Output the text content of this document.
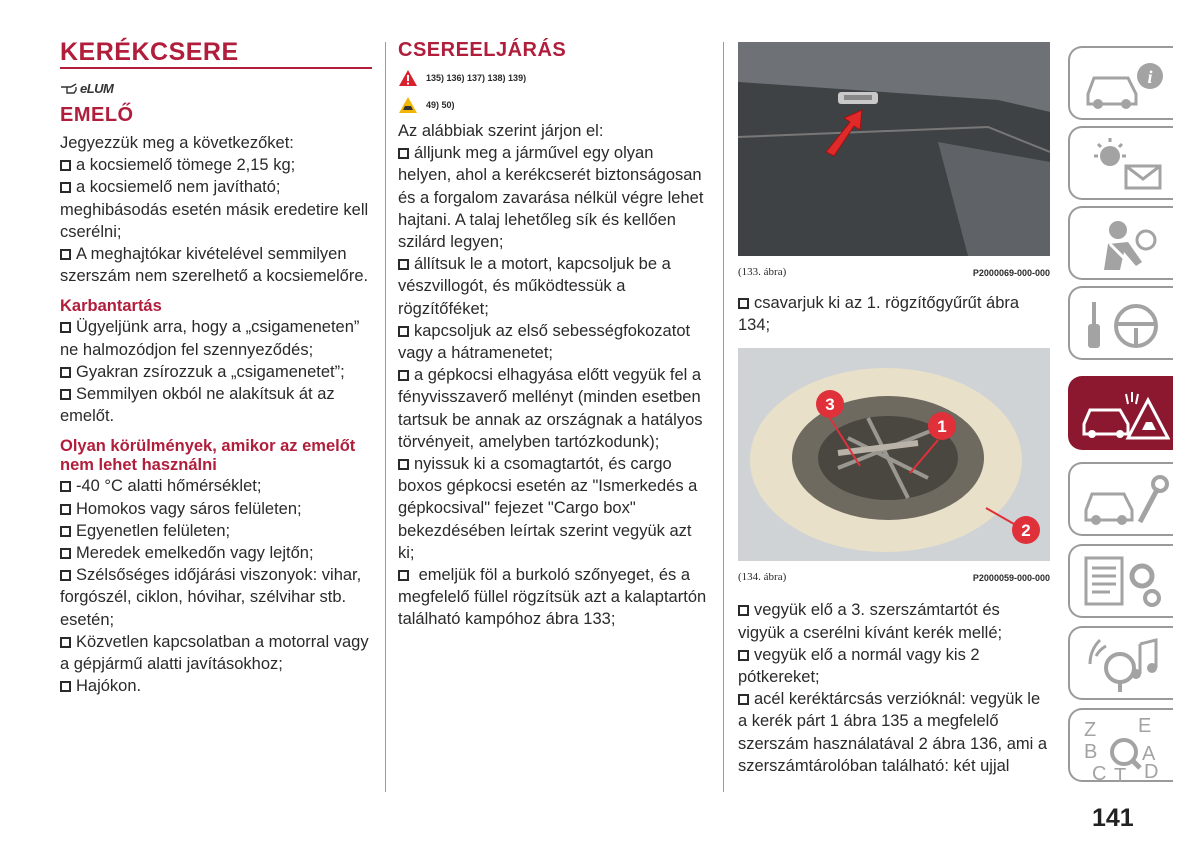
KERÉKCSERE
eLUM
EMELŐ

Jegyezzük meg a következőket:

a kocsiemelő tömege 2,15 kg;

a kocsiemelő nem javítható; meghibásodás esetén másik eredetire kell cserélni;

A meghajtókar kivételével semmilyen szerszám nem szerelhető a kocsiemelőre.

Karbantartás

Ügyeljünk arra, hogy a „csigameneten” ne halmozódjon fel szennyeződés;

Gyakran zsírozzuk a „csigamenetet”;

Semmilyen okból ne alakítsuk át az emelőt.

Olyan körülmények, amikor az emelőt nem lehet használni

-40 °C alatti hőmérséklet;

Homokos vagy sáros felületen;

Egyenetlen felületen;

Meredek emelkedőn vagy lejtőn;

Szélsőséges időjárási viszonyok: vihar, forgószél, ciklon, hóvihar, szélvihar stb. esetén;

Közvetlen kapcsolatban a motorral vagy a gépjármű alatti javításokhoz;

Hajókon.

CSEREELJÁRÁS
135) 136) 137) 138) 139)
49) 50)

Az alábbiak szerint járjon el:

álljunk meg a járművel egy olyan helyen, ahol a kerékcserét biztonságosan és a forgalom zavarása nélkül végre lehet hajtani. A talaj lehetőleg sík és kellően szilárd legyen;

állítsuk le a motort, kapcsoljuk be a vészvillogót, és működtessük a rögzítőféket;

kapcsoljuk az első sebességfokozatot vagy a hátramenetet;

a gépkocsi elhagyása előtt vegyük fel a fényvisszaverő mellényt (minden esetben tartsuk be annak az országnak a hatályos törvényeit, amelyben tartózkodunk);

nyissuk ki a csomagtartót, és cargo boxos gépkocsi esetén az "Ismerkedés a gépkocsival" fejezet "Cargo box" bekezdésében leírtak szerint vegyük azt ki;

emeljük föl a burkoló szőnyeget, és a megfelelő füllel rögzítsük azt a kalaptartón található kampóhoz ábra 133;

(133. ábra)	P2000069-000-000

csavarjuk ki az 1. rögzítőgyűrűt ábra 134;

3
1
2
(134. ábra)	P2000059-000-000

vegyük elő a 3. szerszámtartót és vigyük a cserélni kívánt kerék mellé;

vegyük elő a normál vagy kis 2 pótkereket;

acél keréktárcsás verzióknál: vegyük le a kerék párt 1 ábra 135 a megfelelő szerszám használatával 2 ábra 136, ami a szerszámtárolóban található: két ujjal

i
Z E
B A
C T D
141
